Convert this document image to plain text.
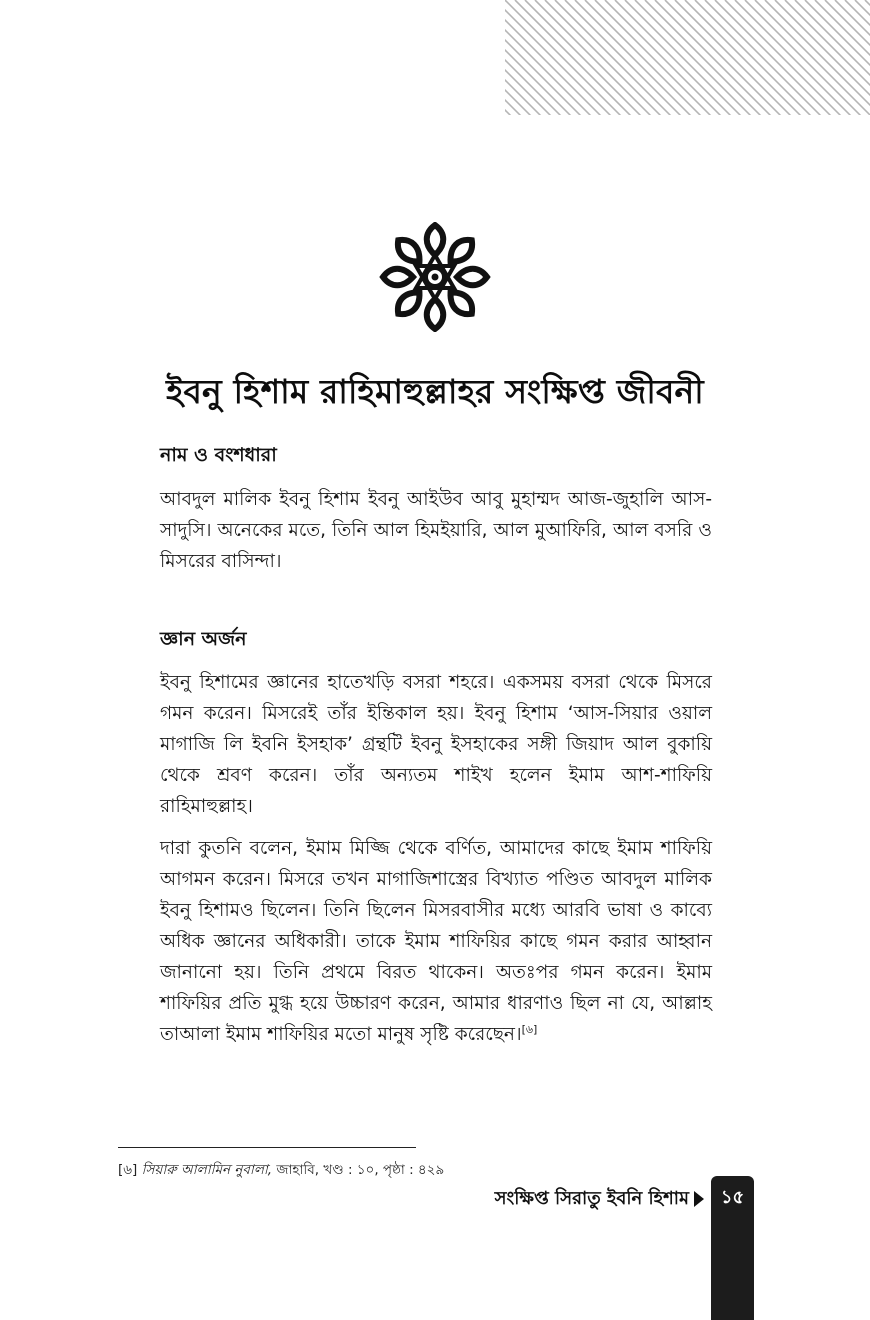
ইবনু হিশাম রাহিমাহুল্লাহর সংক্ষিপ্ত জীবনী
নাম ও বংশধারা

আবদুল মালিক ইবনু হিশাম ইবনু আইউব আবু মুহাম্মদ আজ-জুহালি আস-সাদুসি। অনেকের মতে, তিনি আল হিমইয়ারি, আল মুআফিরি, আল বসরি ও মিসরের বাসিন্দা।

জ্ঞান অর্জন

ইবনু হিশামের জ্ঞানের হাতেখড়ি বসরা শহরে। একসময় বসরা থেকে মিসরে গমন করেন। মিসরেই তাঁর ইন্তিকাল হয়। ইবনু হিশাম ‘আস-সিয়ার ওয়াল মাগাজি লি ইবনি ইসহাক’ গ্রন্থটি ইবনু ইসহাকের সঙ্গী জিয়াদ আল বুকায়ি থেকে শ্রবণ করেন। তাঁর অন্যতম শাইখ হলেন ইমাম আশ-শাফিয়ি রাহিমাহুল্লাহ।

দারা কুতনি বলেন, ইমাম মিজ্জি থেকে বর্ণিত, আমাদের কাছে ইমাম শাফিয়ি আগমন করেন। মিসরে তখন মাগাজিশাস্ত্রের বিখ্যাত পণ্ডিত আবদুল মালিক ইবনু হিশামও ছিলেন। তিনি ছিলেন মিসরবাসীর মধ্যে আরবি ভাষা ও কাব্যে অধিক জ্ঞানের অধিকারী। তাকে ইমাম শাফিয়ির কাছে গমন করার আহ্বান জানানো হয়। তিনি প্রথমে বিরত থাকেন। অতঃপর গমন করেন। ইমাম শাফিয়ির প্রতি মুগ্ধ হয়ে উচ্চারণ করেন, আমার ধারণাও ছিল না যে, আল্লাহ তাআলা ইমাম শাফিয়ির মতো মানুষ সৃষ্টি করেছেন।[৬]

[৬] সিয়ারু আলামিন নুবালা, জাহাবি, খণ্ড : ১০, পৃষ্ঠা : ৪২৯
সংক্ষিপ্ত সিরাতু ইবনি হিশাম	১৫
